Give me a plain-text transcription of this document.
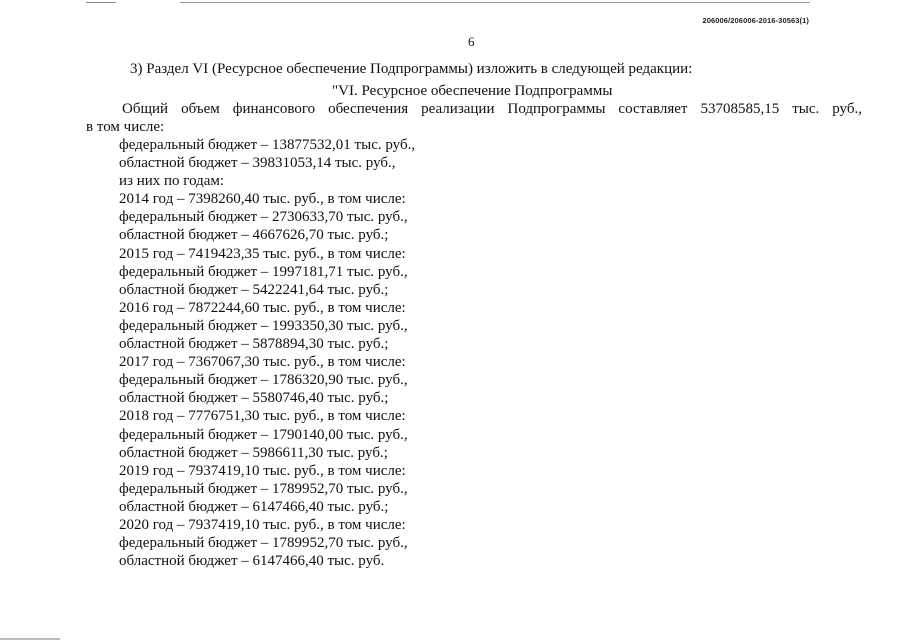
206006/206006-2016-30563(1)
6
3) Раздел VI (Ресурсное обеспечение Подпрограммы) изложить в следующей редакции:
"VI. Ресурсное обеспечение Подпрограммы
Общий объем финансового обеспечения реализации Подпрограммы составляет 53708585,15 тыс. руб.,
в том числе:
федеральный бюджет – 13877532,01 тыс. руб.,
областной бюджет – 39831053,14 тыс. руб.,
из них по годам:
2014 год – 7398260,40 тыс. руб., в том числе:
федеральный бюджет – 2730633,70 тыс. руб.,
областной бюджет – 4667626,70 тыс. руб.;
2015 год – 7419423,35 тыс. руб., в том числе:
федеральный бюджет – 1997181,71 тыс. руб.,
областной бюджет – 5422241,64 тыс. руб.;
2016 год – 7872244,60 тыс. руб., в том числе:
федеральный бюджет – 1993350,30 тыс. руб.,
областной бюджет – 5878894,30 тыс. руб.;
2017 год – 7367067,30 тыс. руб., в том числе:
федеральный бюджет – 1786320,90 тыс. руб.,
областной бюджет – 5580746,40 тыс. руб.;
2018 год – 7776751,30 тыс. руб., в том числе:
федеральный бюджет – 1790140,00 тыс. руб.,
областной бюджет – 5986611,30 тыс. руб.;
2019 год – 7937419,10 тыс. руб., в том числе:
федеральный бюджет – 1789952,70 тыс. руб.,
областной бюджет – 6147466,40 тыс. руб.;
2020 год – 7937419,10 тыс. руб., в том числе:
федеральный бюджет – 1789952,70 тыс. руб.,
областной бюджет – 6147466,40 тыс. руб.
